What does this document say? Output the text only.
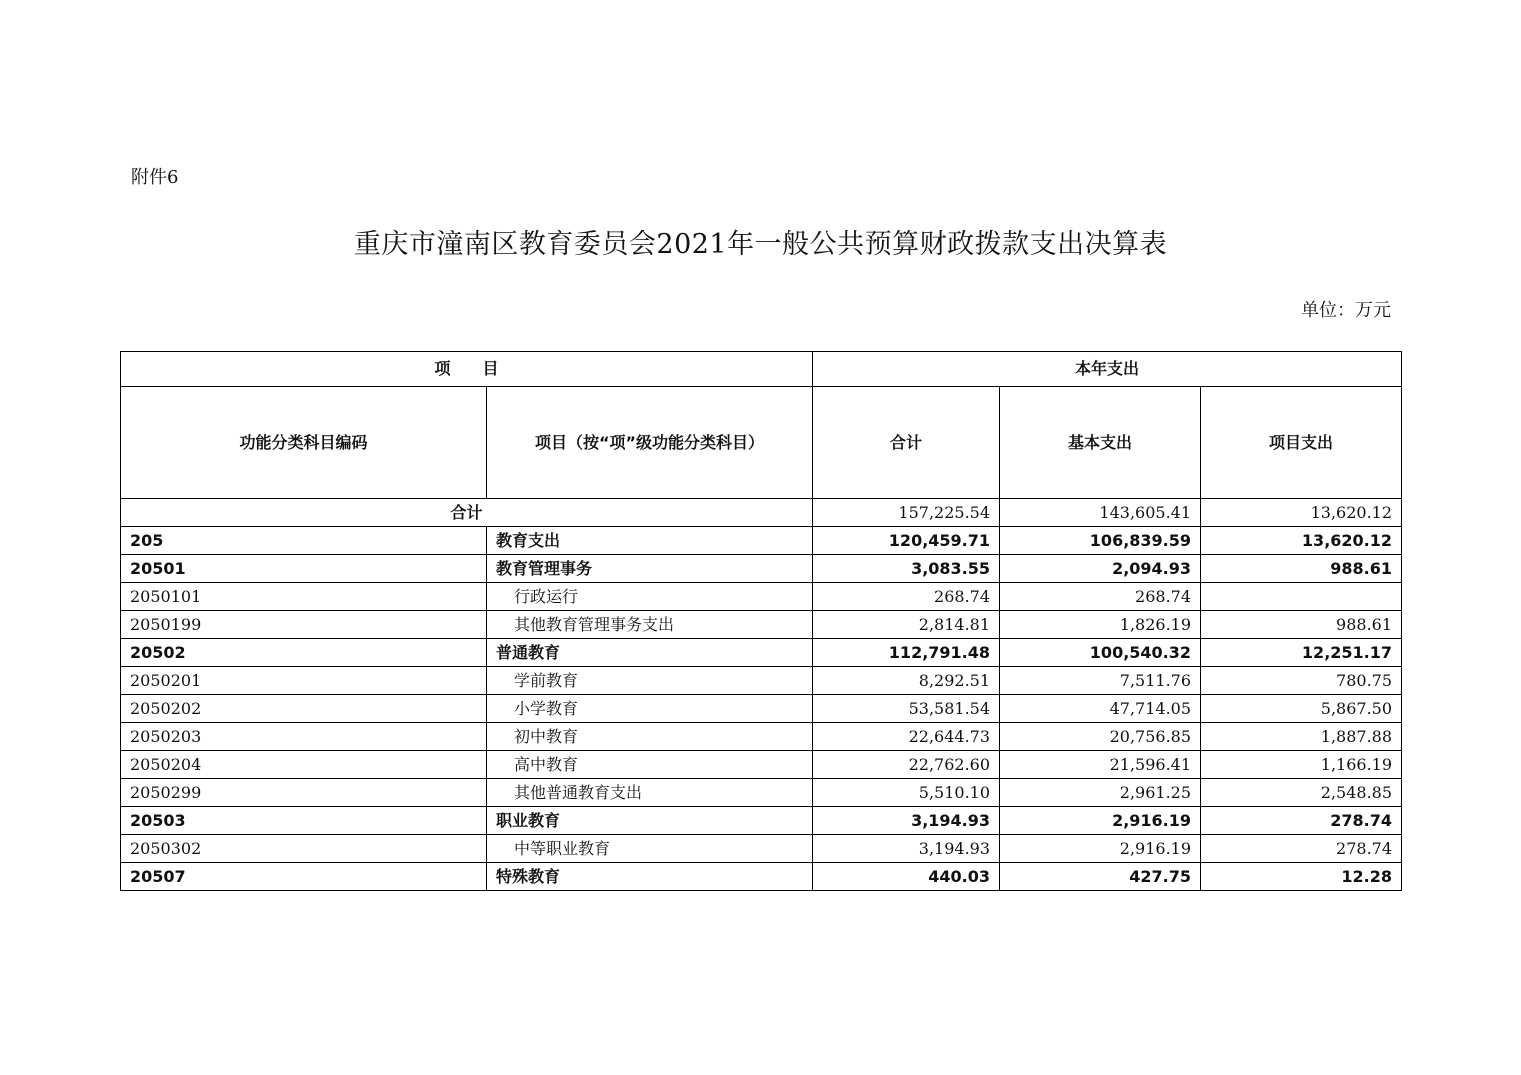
附件6
重庆市潼南区教育委员会2021年一般公共预算财政拨款支出决算表
单位：万元
项　　目		本年支出		
功能分类科目编码	项目（按“项”级功能分类科目）	合计	基本支出	项目支出
合计		157,225.54	143,605.41	13,620.12
205	教育支出	120,459.71	106,839.59	13,620.12
20501	教育管理事务	3,083.55	2,094.93	988.61
2050101	行政运行	268.74	268.74	
2050199	其他教育管理事务支出	2,814.81	1,826.19	988.61
20502	普通教育	112,791.48	100,540.32	12,251.17
2050201	学前教育	8,292.51	7,511.76	780.75
2050202	小学教育	53,581.54	47,714.05	5,867.50
2050203	初中教育	22,644.73	20,756.85	1,887.88
2050204	高中教育	22,762.60	21,596.41	1,166.19
2050299	其他普通教育支出	5,510.10	2,961.25	2,548.85
20503	职业教育	3,194.93	2,916.19	278.74
2050302	中等职业教育	3,194.93	2,916.19	278.74
20507	特殊教育	440.03	427.75	12.28
